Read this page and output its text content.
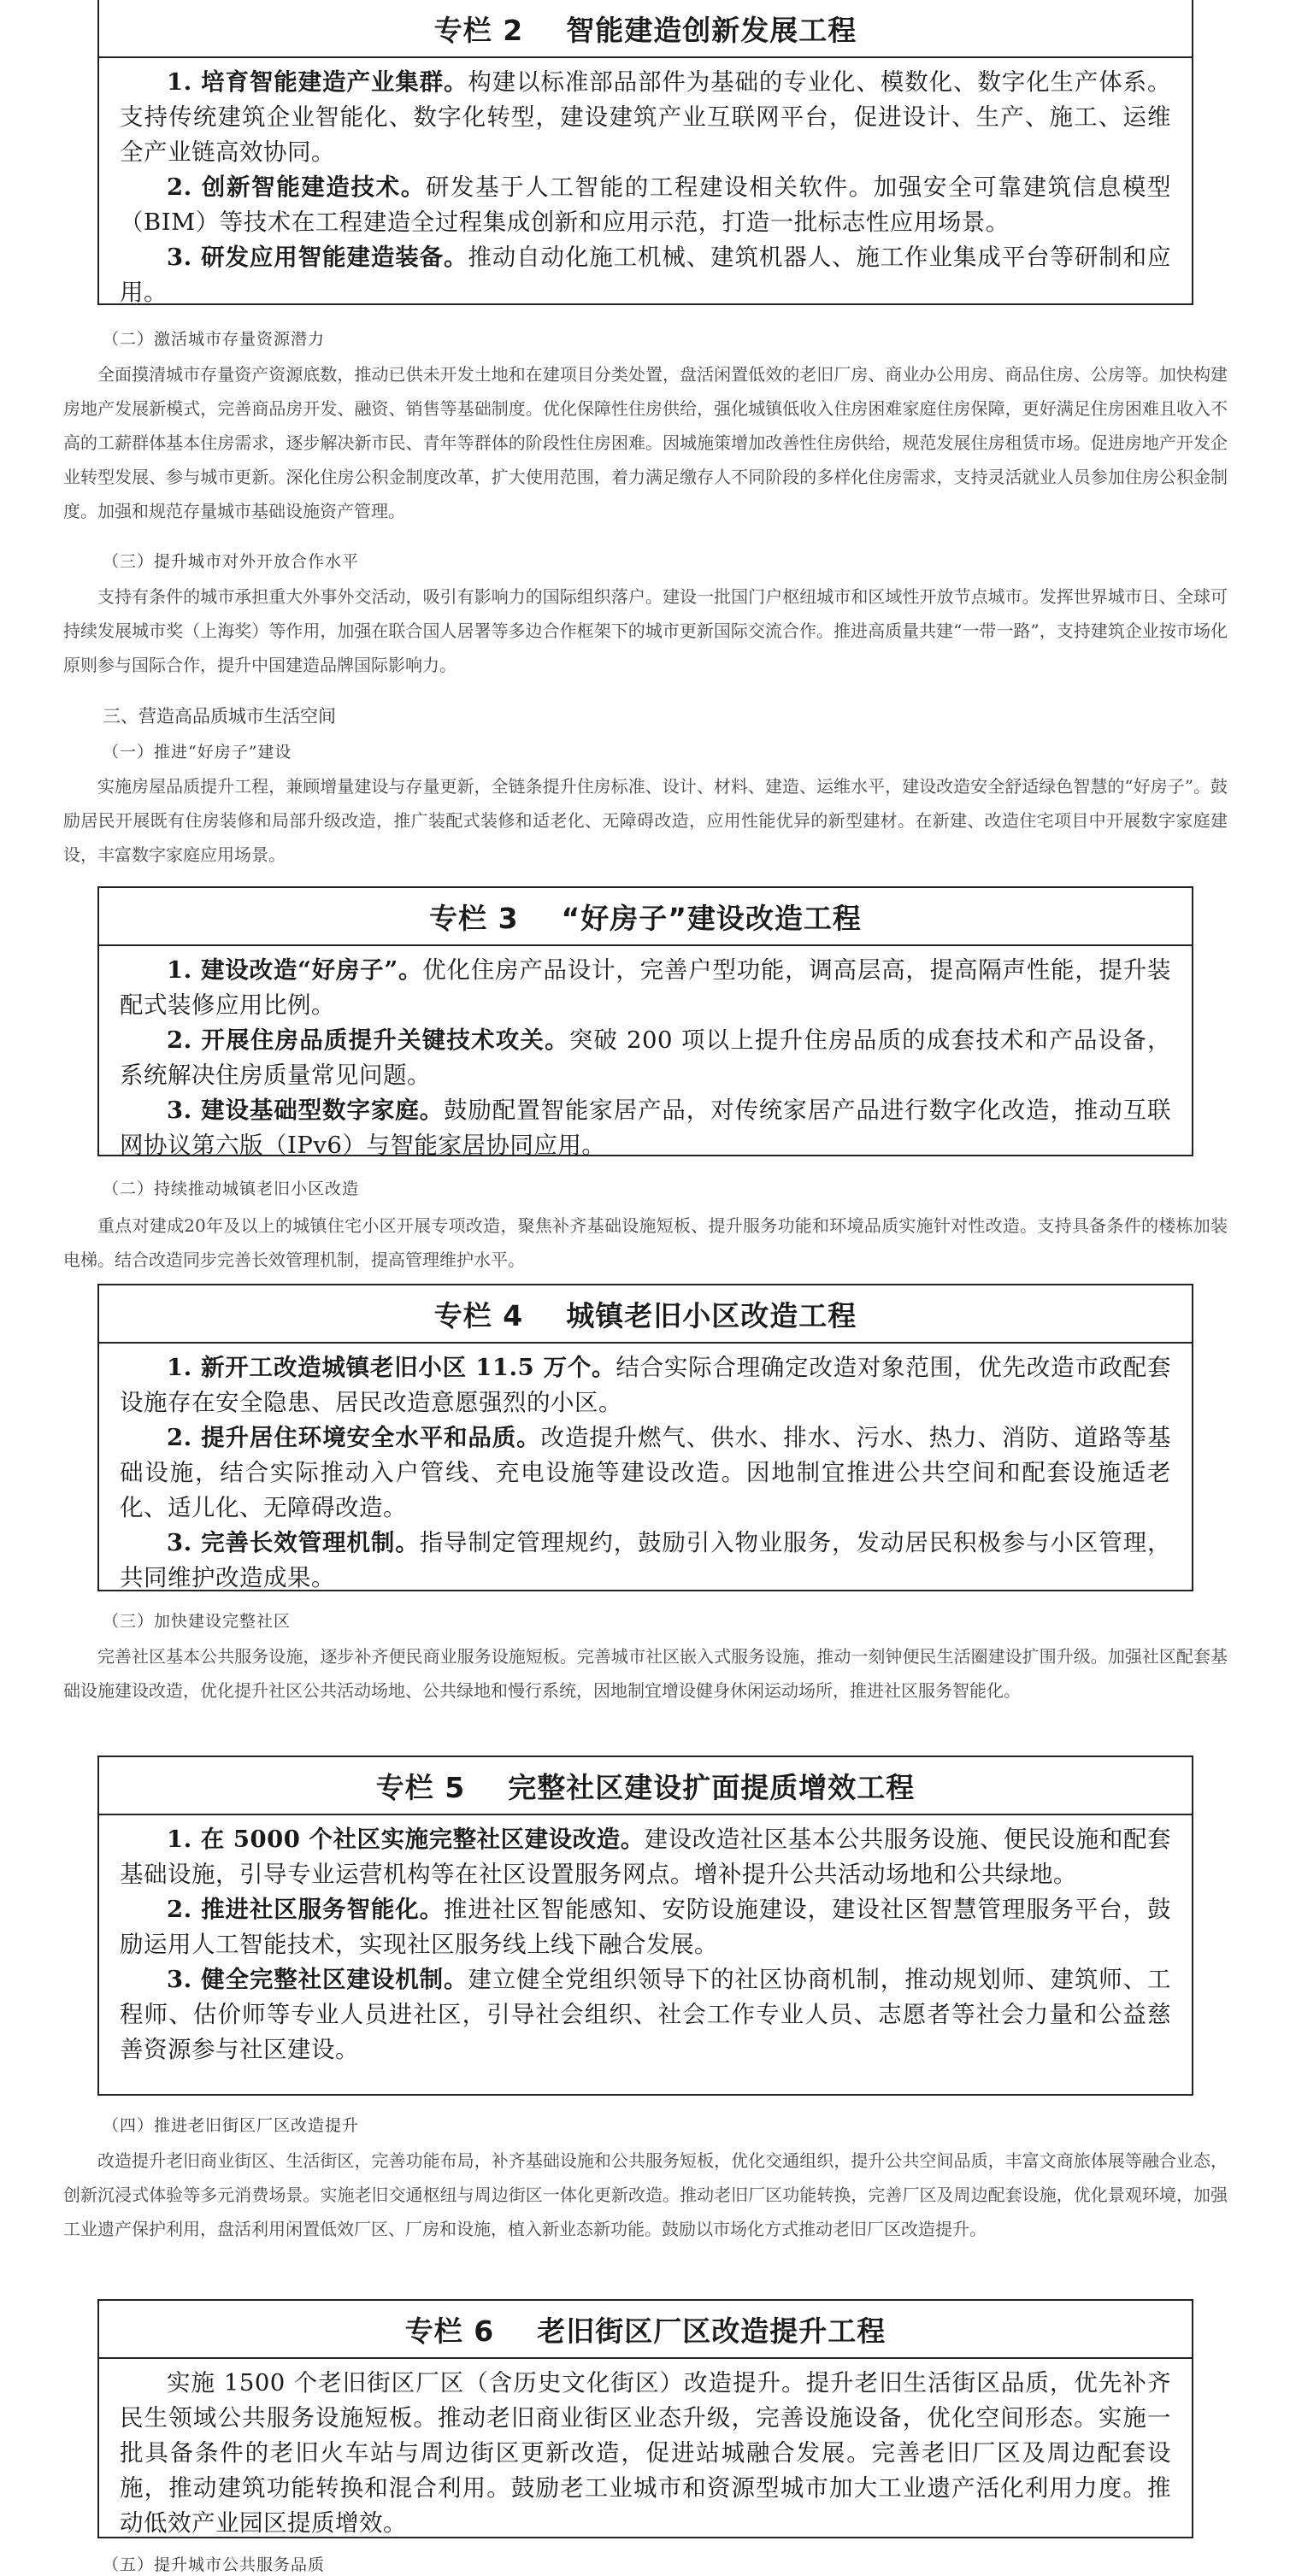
专栏 2    智能建造创新发展工程

1. 培育智能建造产业集群。构建以标准部品部件为基础的专业化、模数化、数字化生产体系。支持传统建筑企业智能化、数字化转型，建设建筑产业互联网平台，促进设计、生产、施工、运维全产业链高效协同。

2. 创新智能建造技术。研发基于人工智能的工程建设相关软件。加强安全可靠建筑信息模型（BIM）等技术在工程建造全过程集成创新和应用示范，打造一批标志性应用场景。

3. 研发应用智能建造装备。推动自动化施工机械、建筑机器人、施工作业集成平台等研制和应用。

（二）激活城市存量资源潜力

全面摸清城市存量资产资源底数，推动已供未开发土地和在建项目分类处置，盘活闲置低效的老旧厂房、商业办公用房、商品住房、公房等。加快构建房地产发展新模式，完善商品房开发、融资、销售等基础制度。优化保障性住房供给，强化城镇低收入住房困难家庭住房保障，更好满足住房困难且收入不高的工薪群体基本住房需求，逐步解决新市民、青年等群体的阶段性住房困难。因城施策增加改善性住房供给，规范发展住房租赁市场。促进房地产开发企业转型发展、参与城市更新。深化住房公积金制度改革，扩大使用范围，着力满足缴存人不同阶段的多样化住房需求，支持灵活就业人员参加住房公积金制度。加强和规范存量城市基础设施资产管理。

（三）提升城市对外开放合作水平

支持有条件的城市承担重大外事外交活动，吸引有影响力的国际组织落户。建设一批国门户枢纽城市和区域性开放节点城市。发挥世界城市日、全球可持续发展城市奖（上海奖）等作用，加强在联合国人居署等多边合作框架下的城市更新国际交流合作。推进高质量共建“一带一路”，支持建筑企业按市场化原则参与国际合作，提升中国建造品牌国际影响力。

三、营造高品质城市生活空间

（一）推进“好房子”建设

实施房屋品质提升工程，兼顾增量建设与存量更新，全链条提升住房标准、设计、材料、建造、运维水平，建设改造安全舒适绿色智慧的“好房子”。鼓励居民开展既有住房装修和局部升级改造，推广装配式装修和适老化、无障碍改造，应用性能优异的新型建材。在新建、改造住宅项目中开展数字家庭建设，丰富数字家庭应用场景。

专栏 3    “好房子”建设改造工程

1. 建设改造“好房子”。优化住房产品设计，完善户型功能，调高层高，提高隔声性能，提升装配式装修应用比例。

2. 开展住房品质提升关键技术攻关。突破 200 项以上提升住房品质的成套技术和产品设备，系统解决住房质量常见问题。

3. 建设基础型数字家庭。鼓励配置智能家居产品，对传统家居产品进行数字化改造，推动互联网协议第六版（IPv6）与智能家居协同应用。

（二）持续推动城镇老旧小区改造

重点对建成20年及以上的城镇住宅小区开展专项改造，聚焦补齐基础设施短板、提升服务功能和环境品质实施针对性改造。支持具备条件的楼栋加装电梯。结合改造同步完善长效管理机制，提高管理维护水平。

专栏 4    城镇老旧小区改造工程

1. 新开工改造城镇老旧小区 11.5 万个。结合实际合理确定改造对象范围，优先改造市政配套设施存在安全隐患、居民改造意愿强烈的小区。

2. 提升居住环境安全水平和品质。改造提升燃气、供水、排水、污水、热力、消防、道路等基础设施，结合实际推动入户管线、充电设施等建设改造。因地制宜推进公共空间和配套设施适老化、适儿化、无障碍改造。

3. 完善长效管理机制。指导制定管理规约，鼓励引入物业服务，发动居民积极参与小区管理，共同维护改造成果。

（三）加快建设完整社区

完善社区基本公共服务设施，逐步补齐便民商业服务设施短板。完善城市社区嵌入式服务设施，推动一刻钟便民生活圈建设扩围升级。加强社区配套基础设施建设改造，优化提升社区公共活动场地、公共绿地和慢行系统，因地制宜增设健身休闲运动场所，推进社区服务智能化。

专栏 5    完整社区建设扩面提质增效工程

1. 在 5000 个社区实施完整社区建设改造。建设改造社区基本公共服务设施、便民设施和配套基础设施，引导专业运营机构等在社区设置服务网点。增补提升公共活动场地和公共绿地。

2. 推进社区服务智能化。推进社区智能感知、安防设施建设，建设社区智慧管理服务平台，鼓励运用人工智能技术，实现社区服务线上线下融合发展。

3. 健全完整社区建设机制。建立健全党组织领导下的社区协商机制，推动规划师、建筑师、工程师、估价师等专业人员进社区，引导社会组织、社会工作专业人员、志愿者等社会力量和公益慈善资源参与社区建设。

（四）推进老旧街区厂区改造提升

改造提升老旧商业街区、生活街区，完善功能布局，补齐基础设施和公共服务短板，优化交通组织，提升公共空间品质，丰富文商旅体展等融合业态，创新沉浸式体验等多元消费场景。实施老旧交通枢纽与周边街区一体化更新改造。推动老旧厂区功能转换，完善厂区及周边配套设施，优化景观环境，加强工业遗产保护利用，盘活利用闲置低效厂区、厂房和设施，植入新业态新功能。鼓励以市场化方式推动老旧厂区改造提升。

专栏 6    老旧街区厂区改造提升工程

实施 1500 个老旧街区厂区（含历史文化街区）改造提升。提升老旧生活街区品质，优先补齐民生领域公共服务设施短板。推动老旧商业街区业态升级，完善设施设备，优化空间形态。实施一批具备条件的老旧火车站与周边街区更新改造，促进站城融合发展。完善老旧厂区及周边配套设施，推动建筑功能转换和混合利用。鼓励老工业城市和资源型城市加大工业遗产活化利用力度。推动低效产业园区提质增效。

（五）提升城市公共服务品质
